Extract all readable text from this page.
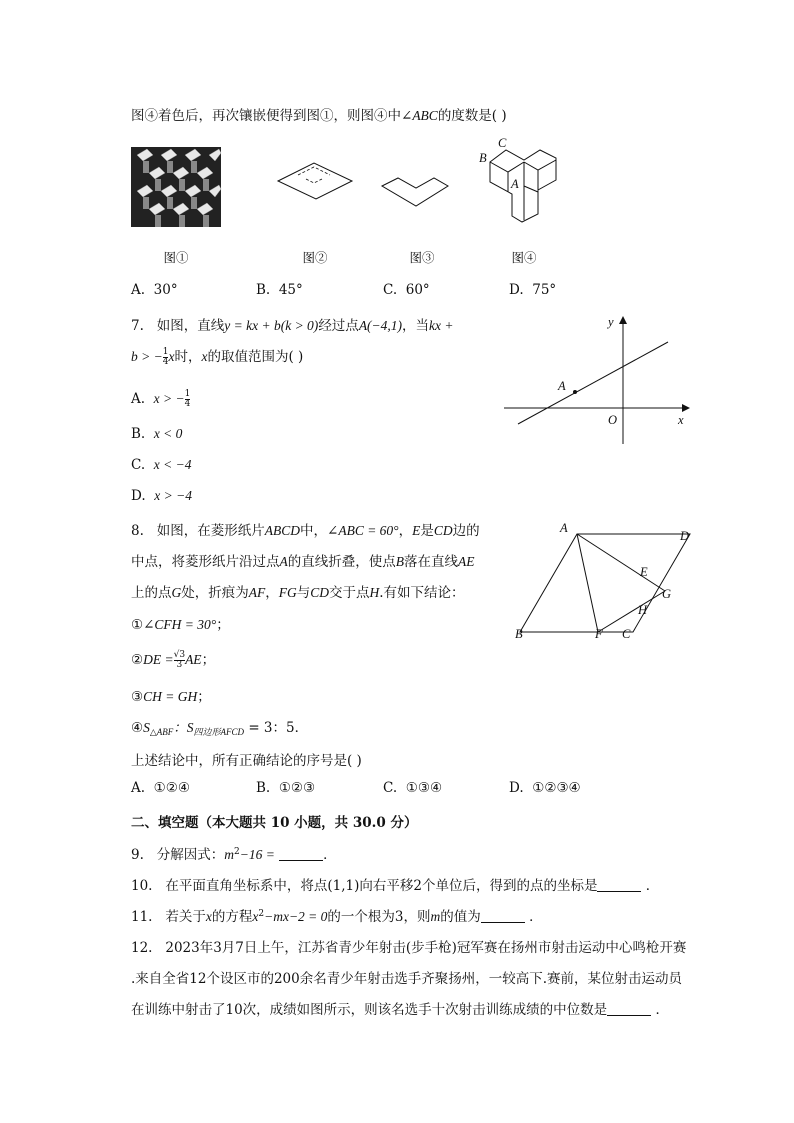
图④着色后，再次镶嵌便得到图①，则图④中∠ABC的度数是( )
C
B
A
图①	图②	图③	图④
A. 30°	B. 45°	C. 60°	D. 75°
7. 如图，直线y = kx + b(k > 0)经过点A(−4,1)，当kx +
$b > -\frac{1}{4}$ x时，x的取值范围为( )
A
y
x
O
A. $x > -\frac{1}{4}$
B. x < 0
C. x < −4
D. x > −4
8. 如图，在菱形纸片ABCD中，∠ABC = 60°，E是CD边的
中点，将菱形纸片沿过点A的直线折叠，使点B落在直线AE
上的点G处，折痕为AF，FG与CD交于点H.有如下结论：
①∠CFH = 30°；
②DE $=\frac{√3}{3}$ AE；
③CH = GH；
$④S_{\triangle ABF}$：$S_{四边形AFCD} = 3$：5．
上述结论中，所有正确结论的序号是( )
A
D
E
G
H
B	F C
A. ①②④	B. ①②③	C. ①③④	D. ①②③④
二、填空题（本大题共 10 小题，共 30.0 分）
9. 分解因式：$m^2-16$ =	．
10. 在平面直角坐标系中，将点(1,1)向右平移2个单位后，得到的点的坐标是	．
11. 若关于x的方程$x^2-mx-2 = 0$的一个根为3，则m的值为	．
12. 2023年3月7日上午，江苏省青少年射击(步手枪)冠军赛在扬州市射击运动中心鸣枪开赛
.来自全省12个设区市的200余名青少年射击选手齐聚扬州，一较高下.赛前，某位射击运动员
在训练中射击了10次，成绩如图所示，则该名选手十次射击训练成绩的中位数是	．
